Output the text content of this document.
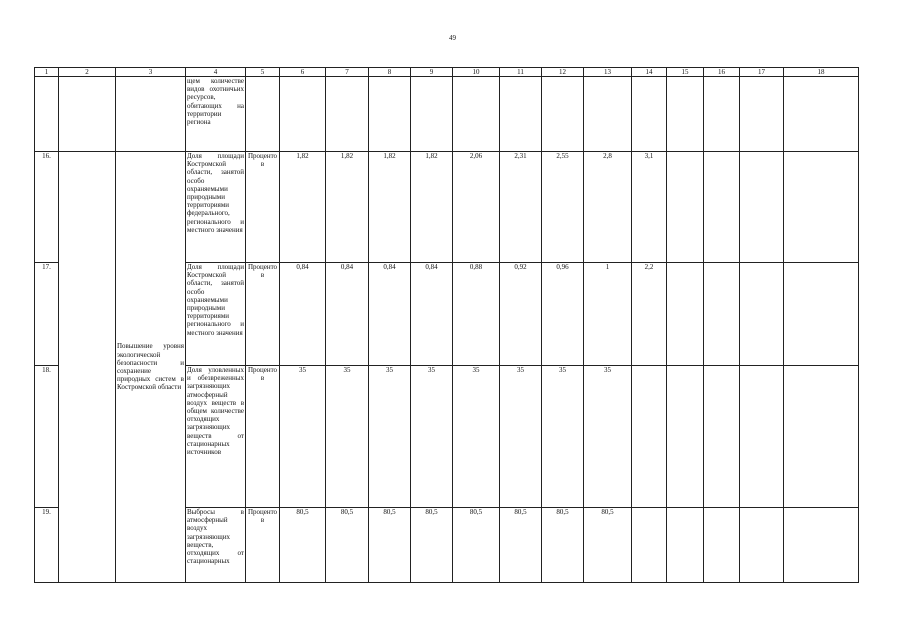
49
1	2	3	4	5	6	7	8	9	10	11	12	13	14	15	16	17	18
			щем количестве видов охотничьих ресурсов, обитающих на территории региона														
16.		Повышение уровня экологической безопасности и сохранение природных систем в Костромской области	Доля площади Костромской области, занятой особо охраняемыми природными территориями федерального, регионального и местного значения	Процентов	1,82	1,82	1,82	1,82	2,06	2,31	2,55	2,8	3,1				
17.			Доля площади Костромской области, занятой особо охраняемыми природными территориями регионального и местного значения	Процентов	0,84	0,84	0,84	0,84	0,88	0,92	0,96	1	2,2				
18.			Доля уловленных и обезвреженных загрязняющих атмосферный воздух веществ в общем количестве отходящих загрязняющих веществ от стационарных источников	Процентов	35	35	35	35	35	35	35	35					
19.			Выбросы в атмосферный воздух загрязняющих веществ, отходящих от стационарных	Процентов	80,5	80,5	80,5	80,5	80,5	80,5	80,5	80,5					
